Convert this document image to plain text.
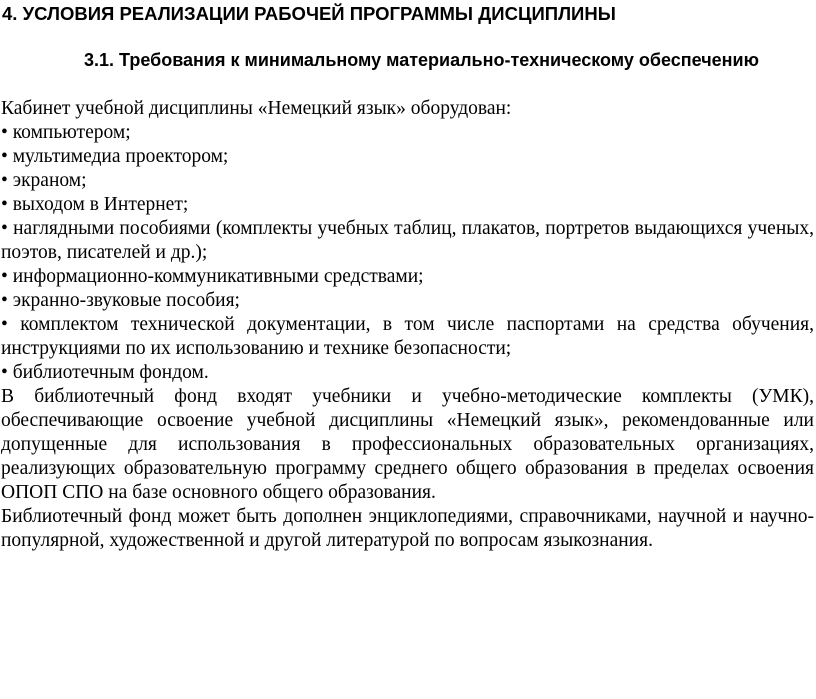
4. УСЛОВИЯ РЕАЛИЗАЦИИ РАБОЧЕЙ ПРОГРАММЫ ДИСЦИПЛИНЫ
3.1. Требования к минимальному материально-техническому обеспечению

Кабинет учебной дисциплины «Немецкий язык» оборудован:

• компьютером;
• мультимедиа проектором;
• экраном;
• выходом в Интернет;
• наглядными пособиями (комплекты учебных таблиц, плакатов, портретов выдающихся ученых, поэтов, писателей и др.);
• информационно-коммуникативными средствами;
• экранно-звуковые пособия;
• комплектом технической документации, в том числе паспортами на средства обучения, инструкциями по их использованию и технике безопасности;
• библиотечным фондом.

В библиотечный фонд входят учебники и учебно-методические комплекты (УМК), обеспечивающие освоение учебной дисциплины «Немецкий язык», рекомендованные или допущенные для использования в профессиональных образовательных организациях, реализующих образовательную программу среднего общего образования в пределах освоения ОПОП СПО на базе основного общего образования.

Библиотечный фонд может быть дополнен энциклопедиями, справочниками, научной и научно-популярной, художественной и другой литературой по вопросам языкознания.
